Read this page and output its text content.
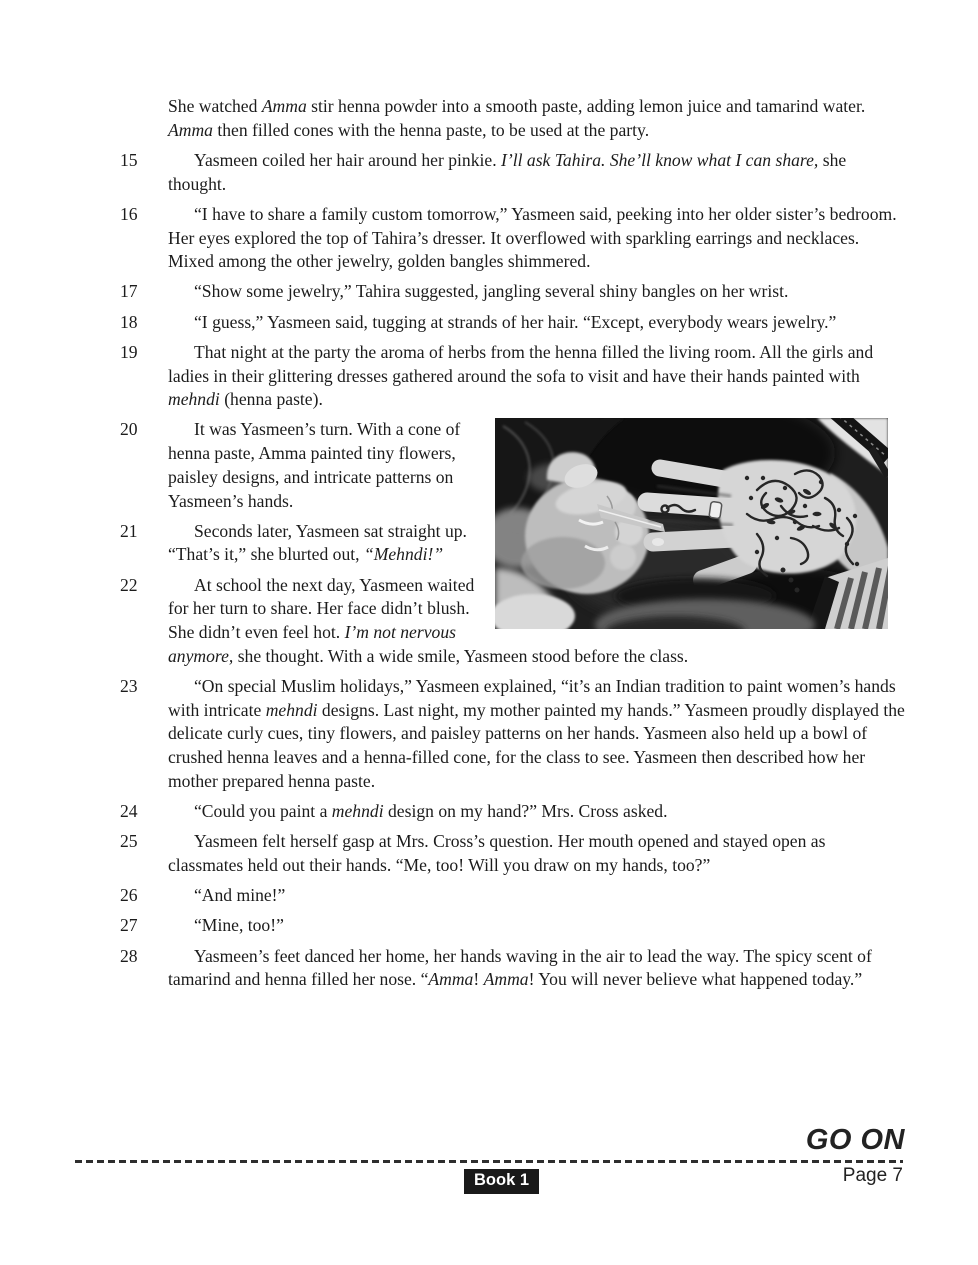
She watched Amma stir henna powder into a smooth paste, adding lemon juice and tamarind water. Amma then filled cones with the henna paste, to be used at the party.
15	Yasmeen coiled her hair around her pinkie. I’ll ask Tahira. She’ll know what I can share, she thought.
16	“I have to share a family custom tomorrow,” Yasmeen said, peeking into her older sister’s bedroom. Her eyes explored the top of Tahira’s dresser. It overflowed with sparkling earrings and necklaces. Mixed among the other jewelry, golden bangles shimmered.
17	“Show some jewelry,” Tahira suggested, jangling several shiny bangles on her wrist.
18	“I guess,” Yasmeen said, tugging at strands of her hair. “Except, everybody wears jewelry.”
19	That night at the party the aroma of herbs from the henna filled the living room. All the girls and ladies in their glittering dresses gathered around the sofa to visit and have their hands painted with mehndi (henna paste).
20	It was Yasmeen’s turn. With a cone of henna paste, Amma painted tiny flowers, paisley designs, and intricate patterns on Yasmeen’s hands.
21	Seconds later, Yasmeen sat straight up. “That’s it,” she blurted out, “Mehndi!”
22	At school the next day, Yasmeen waited for her turn to share. Her face didn’t blush. She didn’t even feel hot. I’m not nervous anymore, she thought. With a wide smile, Yasmeen stood before the class.
23	“On special Muslim holidays,” Yasmeen explained, “it’s an Indian tradition to paint women’s hands with intricate mehndi designs. Last night, my mother painted my hands.” Yasmeen proudly displayed the delicate curly cues, tiny flowers, and paisley patterns on her hands. Yasmeen also held up a bowl of crushed henna leaves and a henna-filled cone, for the class to see. Yasmeen then described how her mother prepared henna paste.
24	“Could you paint a mehndi design on my hand?” Mrs. Cross asked.
25	Yasmeen felt herself gasp at Mrs. Cross’s question. Her mouth opened and stayed open as classmates held out their hands. “Me, too! Will you draw on my hands, too?”
26	“And mine!”
27	“Mine, too!”
28	Yasmeen’s feet danced her home, her hands waving in the air to lead the way. The spicy scent of tamarind and henna filled her nose. “Amma! Amma! You will never believe what happened today.”
GO ON
Book 1	Page 7
